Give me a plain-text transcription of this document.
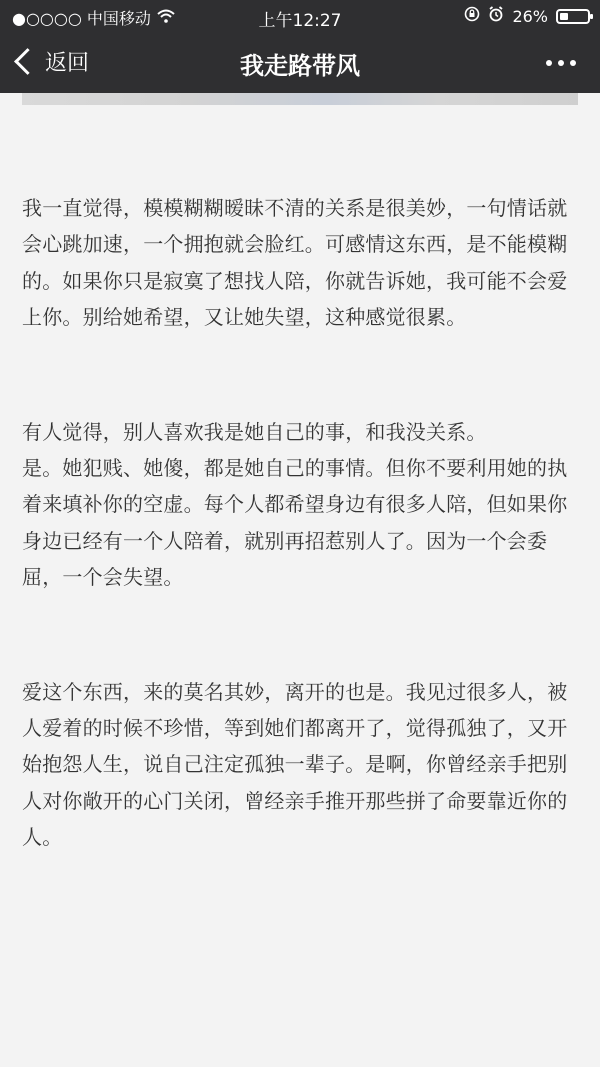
●○○○○ 中国移动	上午12:27	26%
返回	我走路带风

我一直觉得，模模糊糊暧昧不清的关系是很美妙，一句情话就会心跳加速，一个拥抱就会脸红。可感情这东西，是不能模糊的。如果你只是寂寞了想找人陪，你就告诉她，我可能不会爱上你。别给她希望，又让她失望，这种感觉很累。

有人觉得，别人喜欢我是她自己的事，和我没关系。
是。她犯贱、她傻，都是她自己的事情。但你不要利用她的执着来填补你的空虚。每个人都希望身边有很多人陪，但如果你身边已经有一个人陪着，就别再招惹别人了。因为一个会委屈，一个会失望。

爱这个东西，来的莫名其妙，离开的也是。我见过很多人，被人爱着的时候不珍惜，等到她们都离开了，觉得孤独了，又开始抱怨人生，说自己注定孤独一辈子。是啊，你曾经亲手把别人对你敞开的心门关闭，曾经亲手推开那些拼了命要靠近你的人。
